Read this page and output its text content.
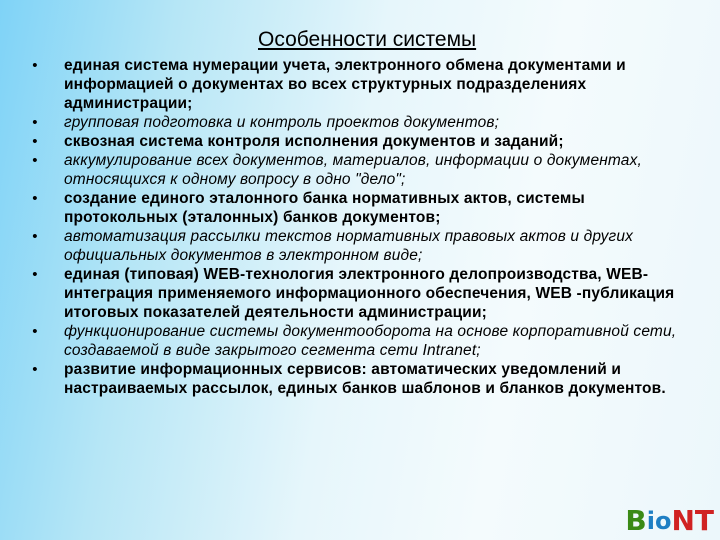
Особенности системы
• единая система нумерации учета, электронного обмена документами и информацией о документах во всех структурных подразделениях администрации;
• групповая подготовка и контроль проектов документов;
• сквозная система контроля исполнения документов и заданий;
• аккумулирование всех документов, материалов, информации о документах, относящихся к одному вопросу в одно "дело";
• создание единого эталонного банка нормативных актов, системы протокольных (эталонных) банков документов;
• автоматизация рассылки текстов нормативных правовых актов и других официальных документов в электронном виде;
• единая (типовая) WEB-технология электронного делопроизводства, WEB-интеграция применяемого информационного обеспечения, WEB -публикация итоговых показателей деятельности администрации;
• функционирование системы документооборота на основе корпоративной сети, создаваемой в виде закрытого сегмента сети Intranet;
• развитие информационных сервисов: автоматических уведомлений и настраиваемых рассылок, единых банков шаблонов и бланков документов.
B io NT
